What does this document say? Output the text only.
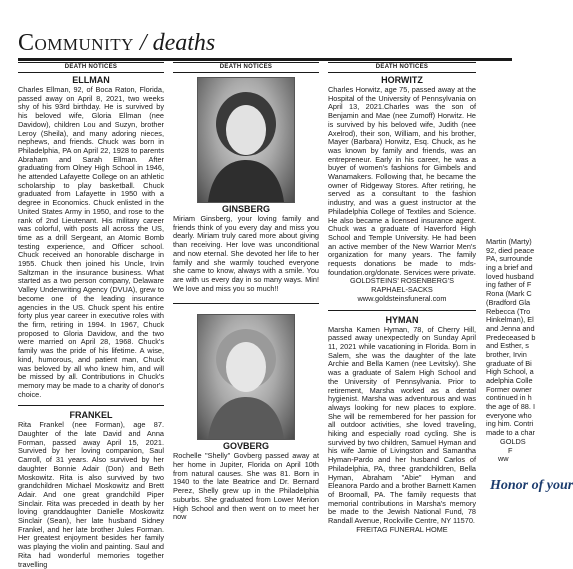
Community / deaths
DEATH NOTICES
ELLMAN

Charles Ellman, 92, of Boca Raton, Florida, passed away on April 8, 2021, two weeks shy of his 93rd birthday. He is survived by his beloved wife, Gloria Ellman (nee Davidow), children Lou and Suzyn, brother Leroy (Sheila), and many adoring nieces, nephews, and friends. Chuck was born in Philadelphia, PA on April 22, 1928 to parents Abraham and Sarah Ellman. After graduating from Olney High School in 1946, he attended Lafayette College on an athletic scholarship to play basketball. Chuck graduated from Lafayette in 1950 with a degree in Economics. Chuck enlisted in the United States Army in 1950, and rose to the rank of 2nd Lieutenant. His military career was colorful, with posts all across the US, time as a drill Sergeant, an Atomic Bomb testing experience, and Officer school. Chuck received an honorable discharge in 1955. Chuck then joined his Uncle, Irvin Saltzman in the insurance business. What started as a two person company, Delaware Valley Underwriting Agency (DVUA), grew to become one of the leading insurance agencies in the US. Chuck spent his entire forty plus year career in executive roles with the firm, retiring in 1994. In 1967, Chuck proposed to Gloria Davidow, and the two were married on April 28, 1968. Chuck's family was the pride of his lifetime. A wise, kind, humorous, and patient man, Chuck was beloved by all who knew him, and will be missed by all. Contributions in Chuck's memory may be made to a charity of donor's choice.

FRANKEL

Rita Frankel (nee Forman), age 87. Daughter of the late David and Anna Forman, passed away April 15, 2021. Survived by her loving companion, Saul Carroll, of 31 years. Also survived by her daughter Bonnie Adair (Don) and Beth Moskowitz. Rita is also survived by two grandchildren Michael Moskowitz and Brett Adair. And one great grandchild Piper Sinclair. Rita was preceded in death by her loving granddaughter Danielle Moskowitz Sinclair (Sean), her late husband Sidney Frankel, and her late brother Jules Forman. Her greatest enjoyment besides her family was playing the violin and painting. Saul and Rita had wonderful memories together travelling

DEATH NOTICES
GINSBERG

Miriam Ginsberg, your loving family and friends think of you every day and miss you dearly. Miriam truly cared more about giving than receiving. Her love was unconditional and now eternal. She devoted her life to her family and she warmly touched everyone she came to know, always with a smile. You are with us every day in so many ways. Min! We love and miss you so much!!

GOVBERG

Rochelle "Shelly" Govberg passed away at her home in Jupiter, Florida on April 10th from natural causes. She was 81. Born in 1940 to the late Beatrice and Dr. Bernard Perez, Shelly grew up in the Philadelphia suburbs. She graduated from Lower Merion High School and then went on to meet her now

DEATH NOTICES
HORWITZ

Charles Horwitz, age 75, passed away at the Hospital of the University of Pennsylvania on April 13, 2021.Charles was the son of Benjamin and Mae (nee Zumoff) Horwitz. He is survived by his beloved wife, Judith (nee Axelrod), their son, William, and his brother, Mayer (Barbara) Horwitz, Esq. Chuck, as he was known by family and friends, was an entrepreneur. Early in his career, he was a buyer of women's fashions for Gimbels and Wanamakers. Following that, he became the owner of Ridgeway Stores. After retiring, he served as a consultant to the fashion industry, and was a guest instructor at the Philadelphia College of Textiles and Science. He also became a licensed insurance agent. Chuck was a graduate of Haverford High School and Temple University. He had been an active member of the New Warrior Men's organization for many years. The family requests donations be made to mds-foundation.org/donate. Services were private.

GOLDSTEINS' ROSENBERG'S
RAPHAEL-SACKS
www.goldsteinsfuneral.com
HYMAN

Marsha Kamen Hyman, 78, of Cherry Hill, passed away unexpectedly on Sunday April 11, 2021 while vacationing in Florida. Born in Salem, she was the daughter of the late Archie and Bella Kamen (nee Levitsky). She was a graduate of Salem High School and the University of Pennsylvania. Prior to retirement, Marsha worked as a dental hygienist. Marsha was adventurous and was always looking for new places to explore. She will be remembered for her passion for all outdoor activities, she loved traveling, hiking and especially road cycling. She is survived by two children, Samuel Hyman and his wife Jamie of Livingston and Samantha Hyman-Pardo and her husband Carlos of Philadelphia, PA, three grandchildren, Bella Hyman, Abraham "Abie" Hyman and Eleanora Pardo and a brother Barnett Kamen of Broomall, PA. The family requests that memorial contributions in Marsha's memory be made to the Jewish National Fund, 78 Randall Avenue, Rockville Centre, NY 11570.

FREITAG FUNERAL HOME
Martin (Marty)
92, died peace
PA, surrounde
ing a brief and
loved husband
ing father of F
Rona (Mark C
(Bradford Gla
Rebecca (Tro
Hinkelman), El
and Jenna and
Predeceased b
and Esther, s
brother, Irvin
graduate of Bi
High School, a
adelphia Colle
Former owner
continued in h
the age of 88. I
everyone who
ing him. Contri
made to a char
GOLDS
F
ww
Honor of your
